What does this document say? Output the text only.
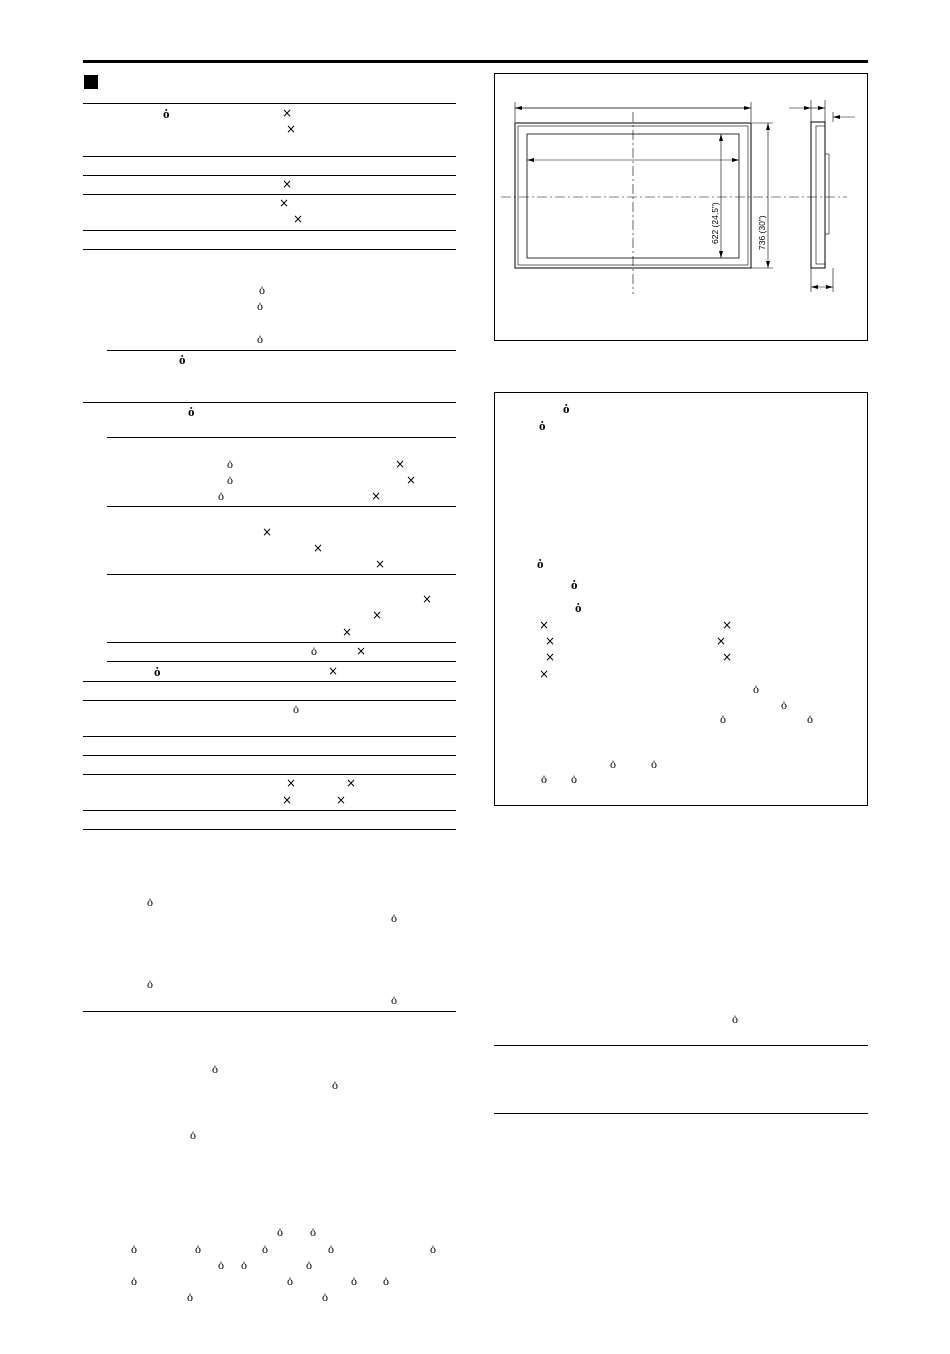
ȯ	×
×
×
×
×
ȯ
ȯ
ȯ
ȯ
ȯ
ȯ	×
ȯ	×
ȯ	×
×
×
×
×
×
×
ȯ	×
ȯ	×
ȯ
×	×
×	×
ȯ
ȯ
ȯ
ȯ
ȯ
ȯ
ȯ
ȯ ȯ
ȯ	ȯ	ȯ	ȯ	ȯ
ȯ ȯ	ȯ
ȯ	ȯ	ȯ ȯ
ȯ	ȯ
622 (24.5")	736 (30")
ȯ
ȯ
ȯ
ȯ
ȯ
×	×
×	×
×	×
×
ȯ
ȯ
ȯ	ȯ
ȯ	ȯ
ȯ ȯ
ȯ
